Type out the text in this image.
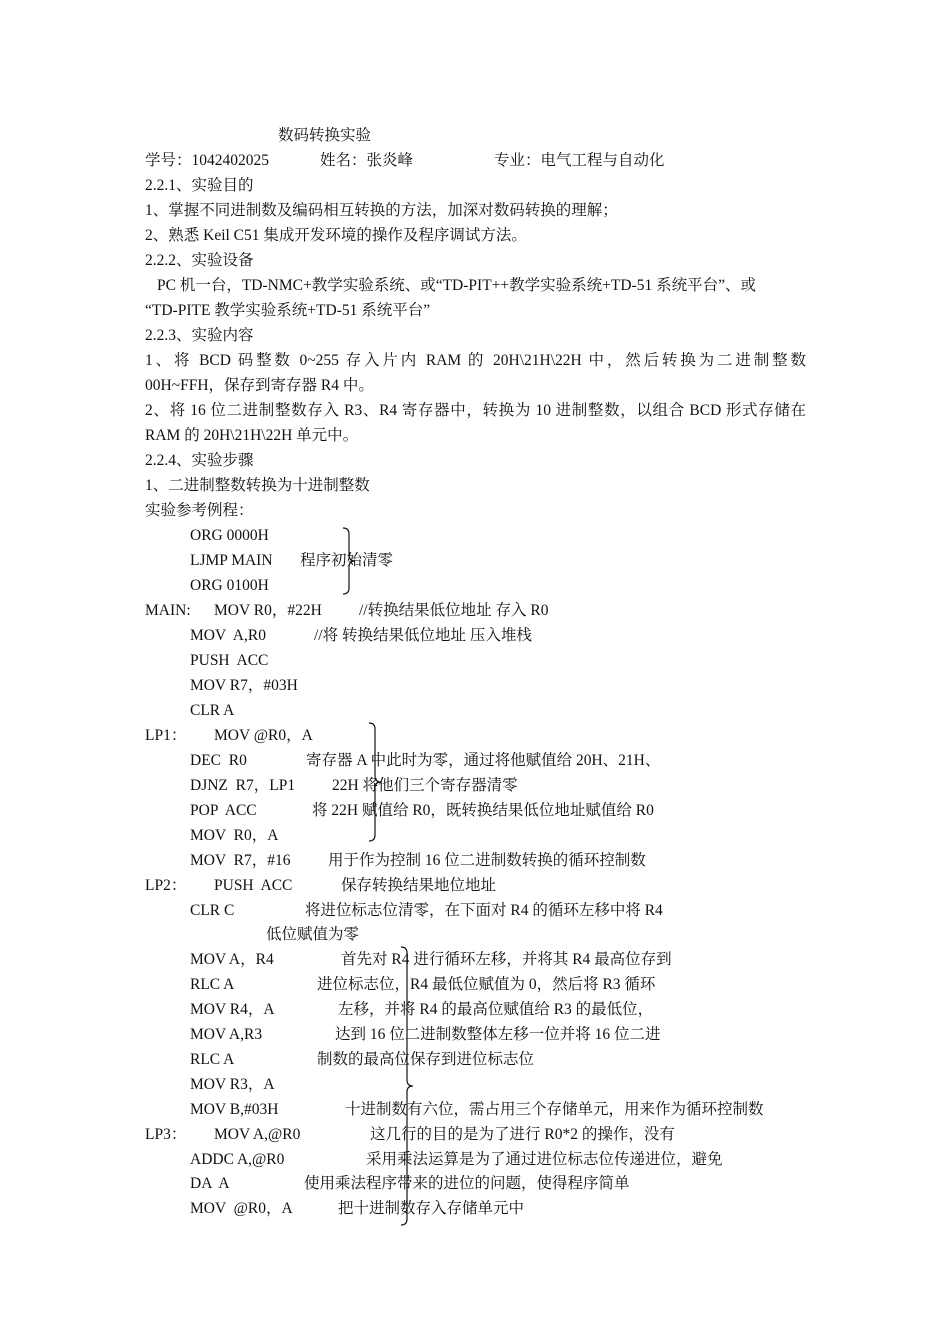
数码转换实验
学号：1042402025	姓名：张炎峰	专业：电气工程与自动化
2.2.1、实验目的
1、掌握不同进制数及编码相互转换的方法，加深对数码转换的理解；
2、熟悉 Keil C51 集成开发环境的操作及程序调试方法。
2.2.2、实验设备
PC 机一台，TD-NMC+教学实验系统、或“TD-PIT++教学实验系统+TD-51 系统平台”、或
“TD-PITE 教学实验系统+TD-51 系统平台”
2.2.3、实验内容
1、将 BCD 码整数 0~255 存入片内 RAM 的 20H\21H\22H 中，然后转换为二进制整数
00H~FFH，保存到寄存器 R4 中。
2、将 16 位二进制整数存入 R3、R4 寄存器中，转换为 10 进制整数，以组合 BCD 形式存储在
RAM 的 20H\21H\22H 单元中。
2.2.4、实验步骤
1、二进制整数转换为十进制整数
实验参考例程：
ORG 0000H
LJMP MAIN 程序初始清零
ORG 0100H
MAIN: MOV R0，#22H //转换结果低位地址 存入 R0
MOV  A,R0	//将 转换结果低位地址 压入堆栈
PUSH  ACC
MOV R7，#03H
CLR A
LP1： MOV @R0，A
DEC  R0	寄存器 A 中此时为零，通过将他赋值给 20H、21H、
DJNZ  R7，LP1 22H 将他们三个寄存器清零
POP  ACC	将 22H 赋值给 R0，既转换结果低位地址赋值给 R0
MOV  R0，A
MOV  R7，#16 用于作为控制 16 位二进制数转换的循环控制数
LP2： PUSH  ACC	保存转换结果地位地址
CLR C	将进位标志位清零，在下面对 R4 的循环左移中将 R4
低位赋值为零
MOV A，R4	首先对 R4 进行循环左移，并将其 R4 最高位存到
RLC A	进位标志位，R4 最低位赋值为 0，然后将 R3 循环
MOV R4，A	左移，并将 R4 的最高位赋值给 R3 的最低位，
MOV A,R3	达到 16 位二进制数整体左移一位并将 16 位二进
RLC A	制数的最高位保存到进位标志位
MOV R3，A
MOV B,#03H	十进制数有六位，需占用三个存储单元，用来作为循环控制数
LP3： MOV A,@R0	这几行的目的是为了进行 R0*2 的操作，没有
ADDC A,@R0	采用乘法运算是为了通过进位标志位传递进位，避免
DA  A	使用乘法程序带来的进位的问题，使得程序简单
MOV  @R0，A	把十进制数存入存储单元中
